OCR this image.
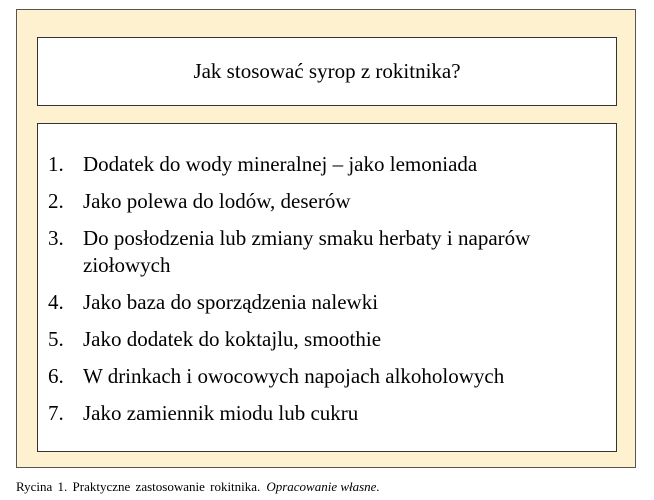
Jak stosować syrop z rokitnika?
1. Dodatek do wody mineralnej – jako lemoniada
2. Jako polewa do lodów, deserów
3. Do posłodzenia lub zmiany smaku herbaty i naparów ziołowych
4. Jako baza do sporządzenia nalewki
5. Jako dodatek do koktajlu, smoothie
6. W drinkach i owocowych napojach alkoholowych
7. Jako zamiennik miodu lub cukru
Rycina 1. Praktyczne zastosowanie rokitnika. Opracowanie własne.
